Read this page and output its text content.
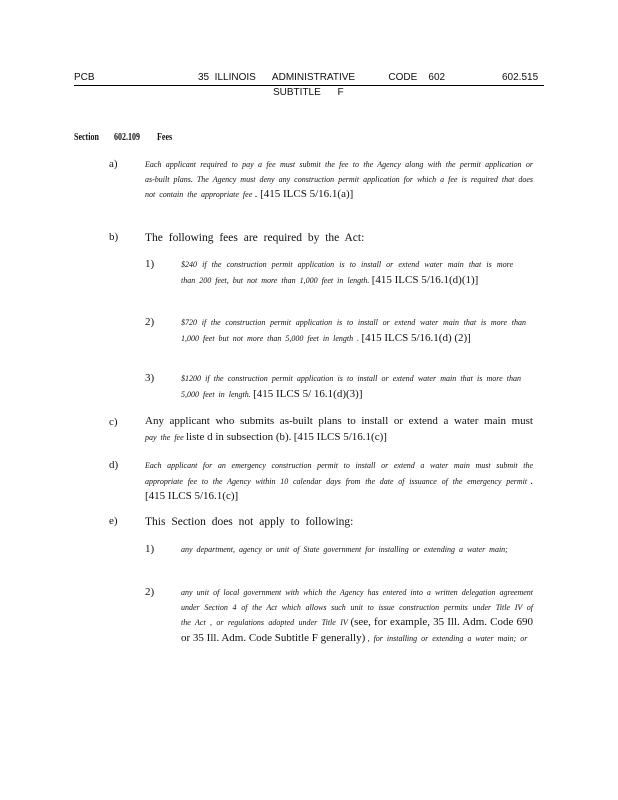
PCB	35  ILLINOIS      ADMINISTRATIVE            CODE    602	602.515
SUBTITLE      F
Section 602.109 Fees
a)	Each applicant required to pay a fee must submit the fee to the Agency along with the permit application or as-built plans. The Agency must deny any construction permit application for which a fee is required that does not contain the appropriate fee . [415 ILCS 5/16.1(a)]
b) The following fees are required by the Act:
1)	$240 if the construction permit application is to install or extend water main that is more than 200 feet, but not more than 1,000 feet in length. [415 ILCS 5/16.1(d)(1)]
2)	$720 if the construction permit application is to install or extend water main that is more than 1,000 feet but not more than 5,000 feet in length . [415 ILCS 5/16.1(d) (2)]
3)	$1200 if the construction permit application is to install or extend water main that is more than 5,000 feet in length. [415 ILCS 5/ 16.1(d)(3)]
c) Any applicant who submits as-built plans to install or extend a water main must pay the fee liste d in subsection (b). [415 ILCS 5/16.1(c)]
d)	Each applicant for an emergency construction permit to install or extend a water main must submit the appropriate fee to the Agency within 10 calendar days from the date of issuance of the emergency permit . [415 ILCS 5/16.1(c)]
e) This Section does not apply to following:
1)	any department, agency or unit of State government for installing or extending a water main;
2)	any unit of local government with which the Agency has entered into a written delegation agreement under Section 4 of the Act which allows such unit to issue construction permits under Title IV of the Act , or regulations adopted under Title IV (see, for example, 35 Ill. Adm. Code 690 or 35 Ill. Adm. Code Subtitle F generally) , for installing or extending a water main; or
